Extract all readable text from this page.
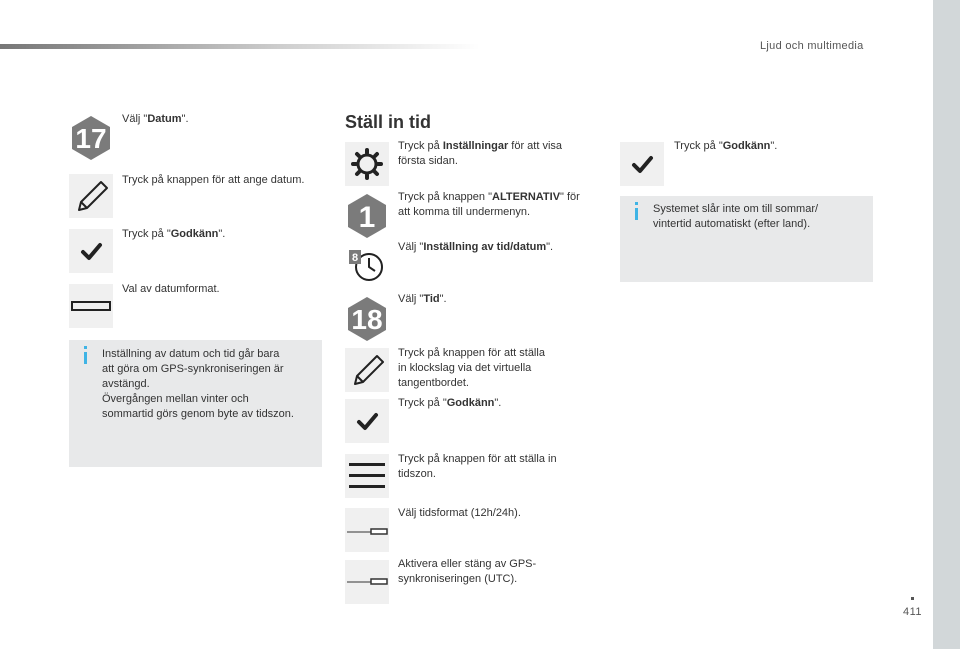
Ljud och multimedia
411
17
Välj "Datum".
Tryck på knappen för att ange datum.
Tryck på "Godkänn".
Val av datumformat.
Inställning av datum och tid går bara
att göra om GPS-synkroniseringen är
avstängd.
Övergången mellan vinter och
sommartid görs genom byte av tidszon.
Ställ in tid
Tryck på Inställningar för att visa
första sidan.
1
Tryck på knappen "ALTERNATIV" för
att komma till undermenyn.
8
Välj "Inställning av tid/datum".
18
Välj "Tid".
Tryck på knappen för att ställa
in klockslag via det virtuella
tangentbordet.
Tryck på "Godkänn".
Tryck på knappen för att ställa in
tidszon.
Välj tidsformat (12h/24h).
Aktivera eller stäng av GPS-
synkroniseringen (UTC).
Tryck på "Godkänn".
Systemet slår inte om till sommar/
vintertid automatiskt (efter land).
